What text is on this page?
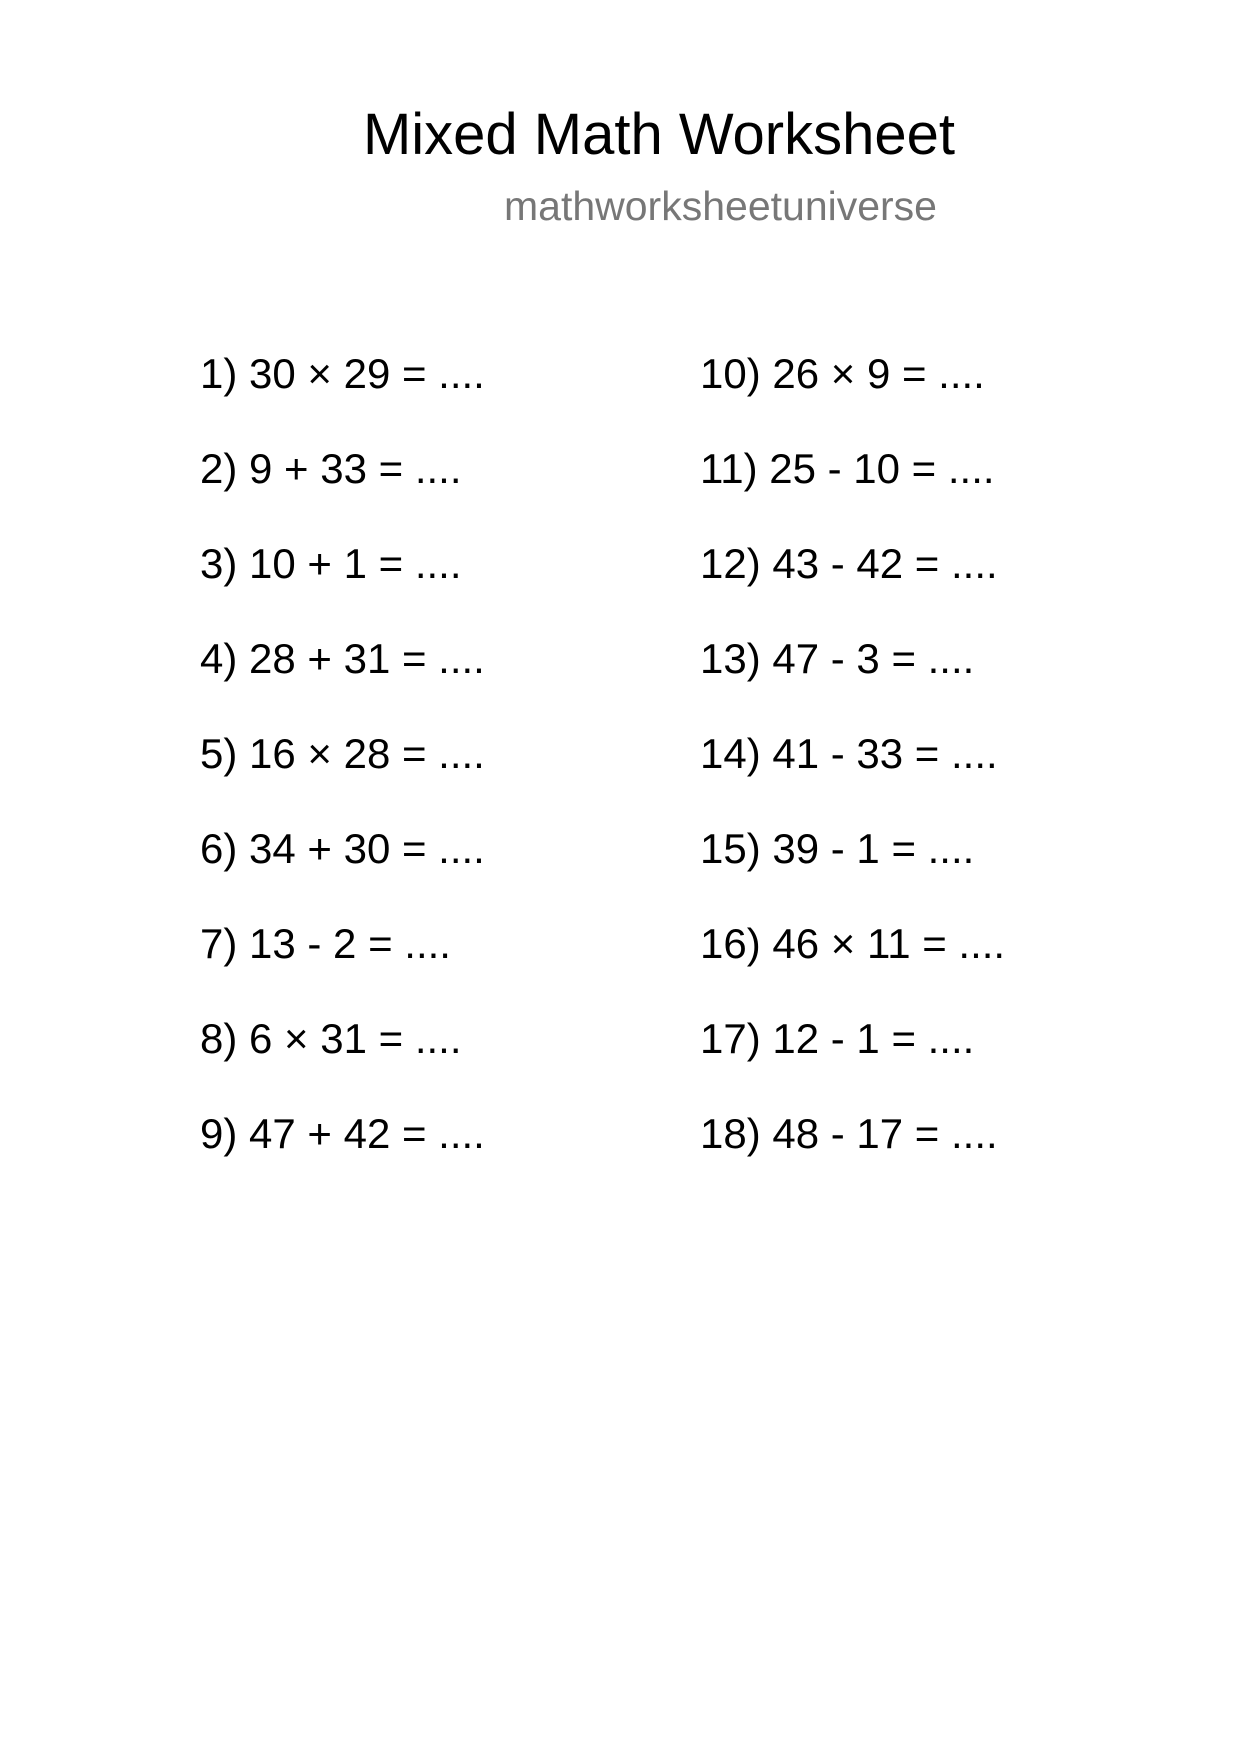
Mixed Math Worksheet
mathworksheetuniverse
1) 30 × 29 = ....
2) 9 + 33 = ....
3) 10 + 1 = ....
4) 28 + 31 = ....
5) 16 × 28 = ....
6) 34 + 30 = ....
7) 13 - 2 = ....
8) 6 × 31 = ....
9) 47 + 42 = ....
10) 26 × 9 = ....
11) 25 - 10 = ....
12) 43 - 42 = ....
13) 47 - 3 = ....
14) 41 - 33 = ....
15) 39 - 1 = ....
16) 46 × 11 = ....
17) 12 - 1 = ....
18) 48 - 17 = ....
